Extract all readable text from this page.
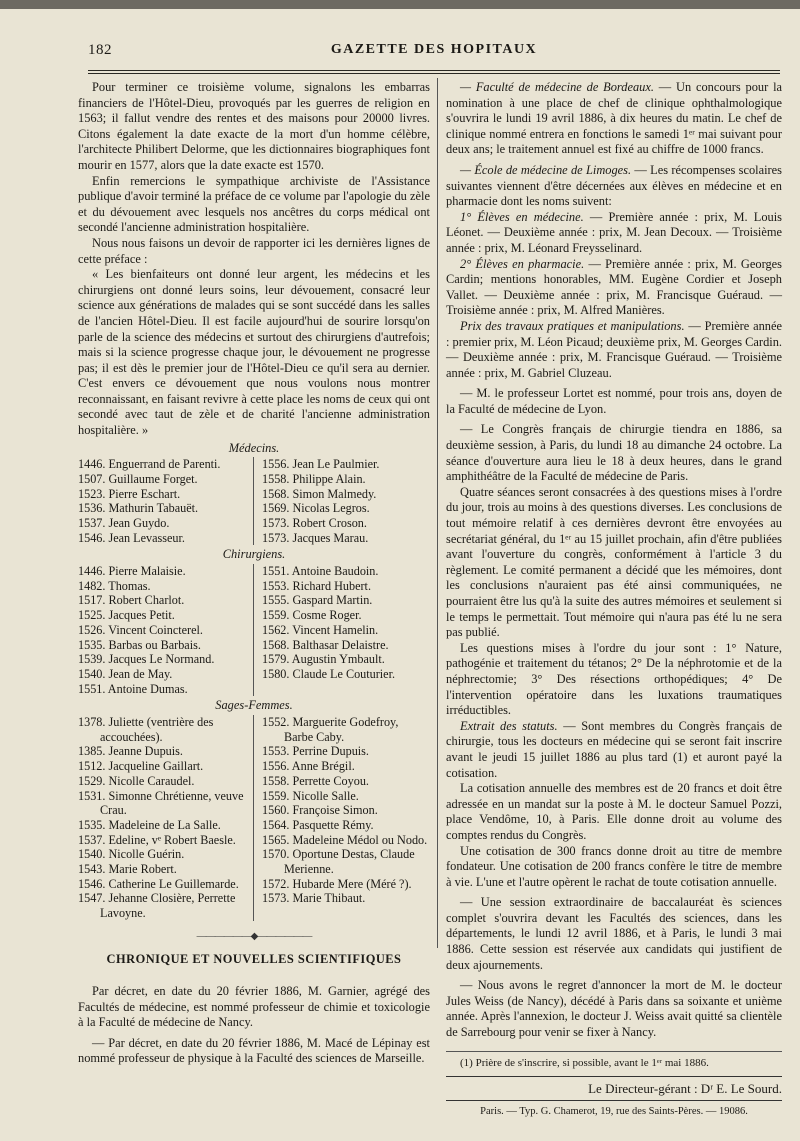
182	GAZETTE DES HOPITAUX

Pour terminer ce troisième volume, signalons les embarras financiers de l'Hôtel-Dieu, provoqués par les guerres de religion en 1563; il fallut vendre des rentes et des maisons pour 20000 livres. Citons également la date exacte de la mort d'un homme célèbre, l'architecte Philibert Delorme, que les dictionnaires biographiques font mourir en 1577, alors que la date exacte est 1570.

Enfin remercions le sympathique archiviste de l'Assistance publique d'avoir terminé la préface de ce volume par l'apologie du zèle et du dévouement avec lesquels nos ancêtres du corps médical ont secondé l'ancienne administration hospitalière.

Nous nous faisons un devoir de rapporter ici les dernières lignes de cette préface :

« Les bienfaiteurs ont donné leur argent, les médecins et les chirurgiens ont donné leurs soins, leur dévouement, consacré leur science aux générations de malades qui se sont succédé dans les salles de l'ancien Hôtel-Dieu. Il est facile aujourd'hui de sourire lorsqu'on parle de la science des médecins et surtout des chirurgiens d'autrefois; mais si la science progresse chaque jour, le dévouement ne progresse pas; il est dès le premier jour de l'Hôtel-Dieu ce qu'il sera au dernier. C'est envers ce dévouement que nous voulons nous montrer reconnaissant, en faisant revivre à cette place les noms de ceux qui ont secondé avec taut de zèle et de charité l'ancienne administration hospitalière. »

Médecins.
1446. Enguerrand de Parenti.
1507. Guillaume Forget.
1523. Pierre Eschart.
1536. Mathurin Tabauët.
1537. Jean Guydo.
1546. Jean Levasseur.
1556. Jean Le Paulmier.
1558. Philippe Alain.
1568. Simon Malmedy.
1569. Nicolas Legros.
1573. Robert Croson.
1573. Jacques Marau.
Chirurgiens.
1446. Pierre Malaisie.
1482. Thomas.
1517. Robert Charlot.
1525. Jacques Petit.
1526. Vincent Coincterel.
1535. Barbas ou Barbais.
1539. Jacques Le Normand.
1540. Jean de May.
1551. Antoine Dumas.
1551. Antoine Baudoin.
1553. Richard Hubert.
1555. Gaspard Martin.
1559. Cosme Roger.
1562. Vincent Hamelin.
1568. Balthasar Delaistre.
1579. Augustin Ymbault.
1580. Claude Le Couturier.
Sages-Femmes.
1378. Juliette (ventrière des accouchées).
1385. Jeanne Dupuis.
1512. Jacqueline Gaillart.
1529. Nicolle Caraudel.
1531. Simonne Chrétienne, veuve Crau.
1535. Madeleine de La Salle.
1537. Edeline, vᵉ Robert Baesle.
1540. Nicolle Guérin.
1543. Marie Robert.
1546. Catherine Le Guillemarde.
1547. Jehanne Closière, Perrette Lavoyne.
1552. Marguerite Godefroy, Barbe Caby.
1553. Perrine Dupuis.
1556. Anne Brégil.
1558. Perrette Coyou.
1559. Nicolle Salle.
1560. Françoise Simon.
1564. Pasquette Rémy.
1565. Madeleine Médol ou Nodo.
1570. Oportune Destas, Claude Merienne.
1572. Hubarde Mere (Méré ?).
1573. Marie Thibaut.
——————◆——————
CHRONIQUE ET NOUVELLES SCIENTIFIQUES

Par décret, en date du 20 février 1886, M. Garnier, agrégé des Facultés de médecine, est nommé professeur de chimie et toxicologie à la Faculté de médecine de Nancy.

— Par décret, en date du 20 février 1886, M. Macé de Lépinay est nommé professeur de physique à la Faculté des sciences de Marseille.

— Faculté de médecine de Bordeaux. — Un concours pour la nomination à une place de chef de clinique ophthalmologique s'ouvrira le lundi 19 avril 1886, à dix heures du matin. Le chef de clinique nommé entrera en fonctions le samedi 1ᵉʳ mai suivant pour deux ans; le traitement annuel est fixé au chiffre de 1000 francs.

— École de médecine de Limoges. — Les récompenses scolaires suivantes viennent d'être décernées aux élèves en médecine et en pharmacie dont les noms suivent:

1° Élèves en médecine. — Première année : prix, M. Louis Léonet. — Deuxième année : prix, M. Jean Decoux. — Troisième année : prix, M. Léonard Freysselinard.

2° Élèves en pharmacie. — Première année : prix, M. Georges Cardin; mentions honorables, MM. Eugène Cordier et Joseph Vallet. — Deuxième année : prix, M. Francisque Guéraud. — Troisième année : prix, M. Alfred Manières.

Prix des travaux pratiques et manipulations. — Première année : premier prix, M. Léon Picaud; deuxième prix, M. Georges Cardin. — Deuxième année : prix, M. Francisque Guéraud. — Troisième année : prix, M. Gabriel Cluzeau.

— M. le professeur Lortet est nommé, pour trois ans, doyen de la Faculté de médecine de Lyon.

— Le Congrès français de chirurgie tiendra en 1886, sa deuxième session, à Paris, du lundi 18 au dimanche 24 octobre. La séance d'ouverture aura lieu le 18 à deux heures, dans le grand amphithéâtre de la Faculté de médecine de Paris.

Quatre séances seront consacrées à des questions mises à l'ordre du jour, trois au moins à des questions diverses. Les conclusions de tout mémoire relatif à ces dernières devront être envoyées au secrétariat général, du 1ᵉʳ au 15 juillet prochain, afin d'être publiées avant l'ouverture du congrès, conformément à l'article 3 du règlement. Le comité permanent a décidé que les mémoires, dont les conclusions n'auraient pas été ainsi communiquées, ne pourraient être lus qu'à la suite des autres mémoires et seulement si le temps le permettait. Tout mémoire qui n'aura pas été lu ne sera pas publié.

Les questions mises à l'ordre du jour sont : 1° Nature, pathogénie et traitement du tétanos; 2° De la néphrotomie et de la néphrectomie; 3° Des résections orthopédiques; 4° De l'intervention opératoire dans les luxations traumatiques irréductibles.

Extrait des statuts. — Sont membres du Congrès français de chirurgie, tous les docteurs en médecine qui se seront fait inscrire avant le jeudi 15 juillet 1886 au plus tard (1) et auront payé la cotisation.

La cotisation annuelle des membres est de 20 francs et doit être adressée en un mandat sur la poste à M. le docteur Samuel Pozzi, place Vendôme, 10, à Paris. Elle donne droit au volume des comptes rendus du Congrès.

Une cotisation de 300 francs donne droit au titre de membre fondateur. Une cotisation de 200 francs confère le titre de membre à vie. L'une et l'autre opèrent le rachat de toute cotisation annuelle.

— Une session extraordinaire de baccalauréat ès sciences complet s'ouvrira devant les Facultés des sciences, dans les départements, le lundi 12 avril 1886, et à Paris, le lundi 3 mai 1886. Cette session est réservée aux candidats qui justifient de deux ajournements.

— Nous avons le regret d'annoncer la mort de M. le docteur Jules Weiss (de Nancy), décédé à Paris dans sa soixante et unième année. Après l'annexion, le docteur J. Weiss avait quitté sa clientèle de Sarrebourg pour venir se fixer à Nancy.

(1) Prière de s'inscrire, si possible, avant le 1ᵉʳ mai 1886.

Le Directeur-gérant : Dʳ E. Le Sourd.
Paris. — Typ. G. Chamerot, 19, rue des Saints-Pères. — 19086.
